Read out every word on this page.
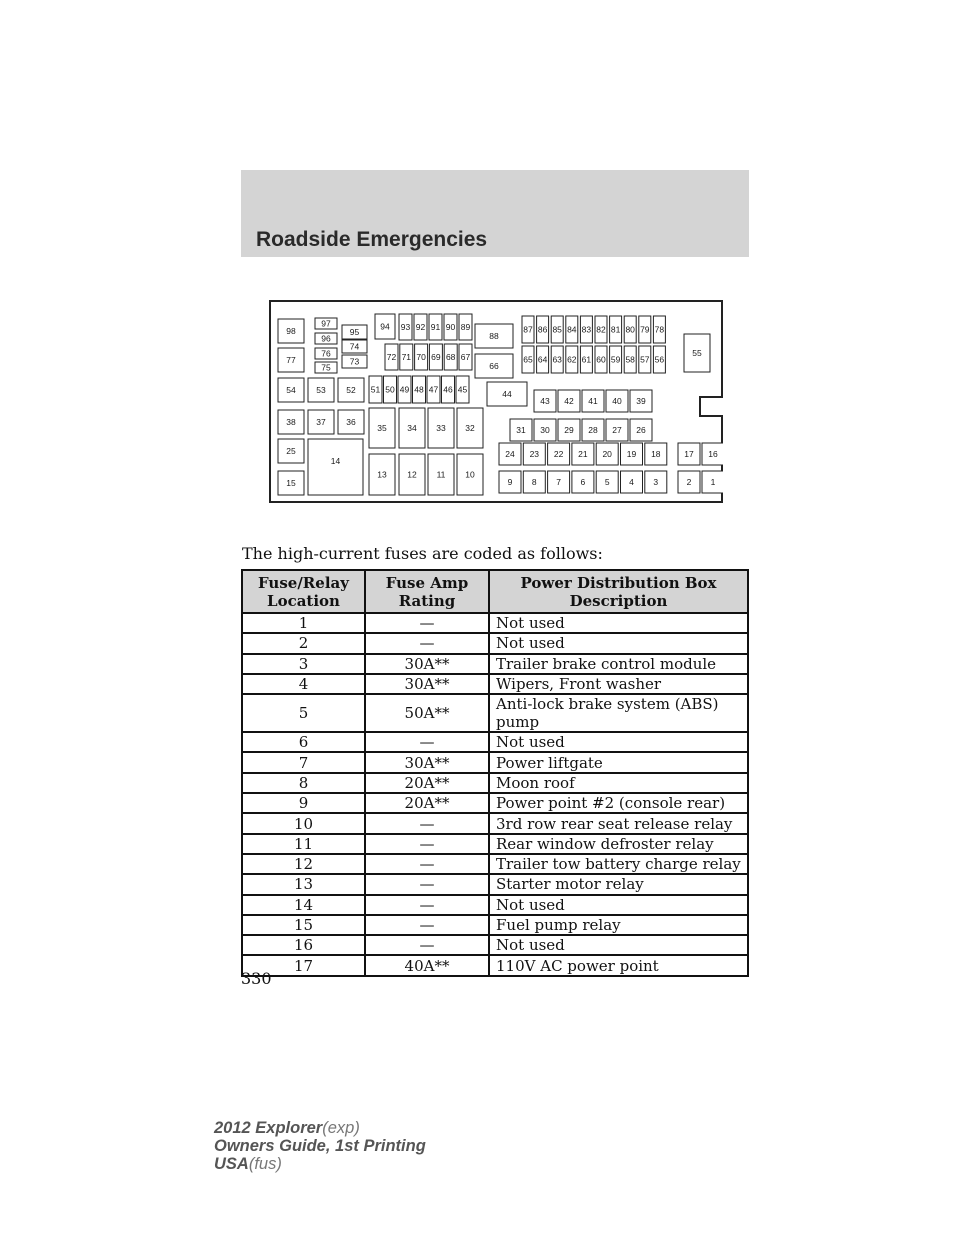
Roadside Emergencies
98
97
96
95
94 93 92 91 90 89
88
87 86 85 84 83 82 81 80 79 78
77
76
75
74
73	72 71 70 69 68 67
66
65 64 63 62 61 60 59 58 57 56
55
54 53 52 51 50 49 48 47 46 45	44
43 42 41 40 39
38 37 36
35 34 33 32	31 30 29 28 27 26
25	24 23 22 21 20 19 18	17 16
15
14
13 12 11 10
9 8 7 6 5 4 3	2 1
The high-current fuses are coded as follows:
Fuse/Relay Location	Fuse Amp Rating	Power Distribution Box Description
1	—	Not used
2	—	Not used
3	30A**	Trailer brake control module
4	30A**	Wipers, Front washer
5	50A**	Anti-lock brake system (ABS) pump
6	—	Not used
7	30A**	Power liftgate
8	20A**	Moon roof
9	20A**	Power point #2 (console rear)
10	—	3rd row rear seat release relay
11	—	Rear window defroster relay
12	—	Trailer tow battery charge relay
13	—	Starter motor relay
14	—	Not used
15	—	Fuel pump relay
16	—	Not used
17	40A**	110V AC power point
330
2012 Explorer(exp)
Owners Guide, 1st Printing
USA(fus)
